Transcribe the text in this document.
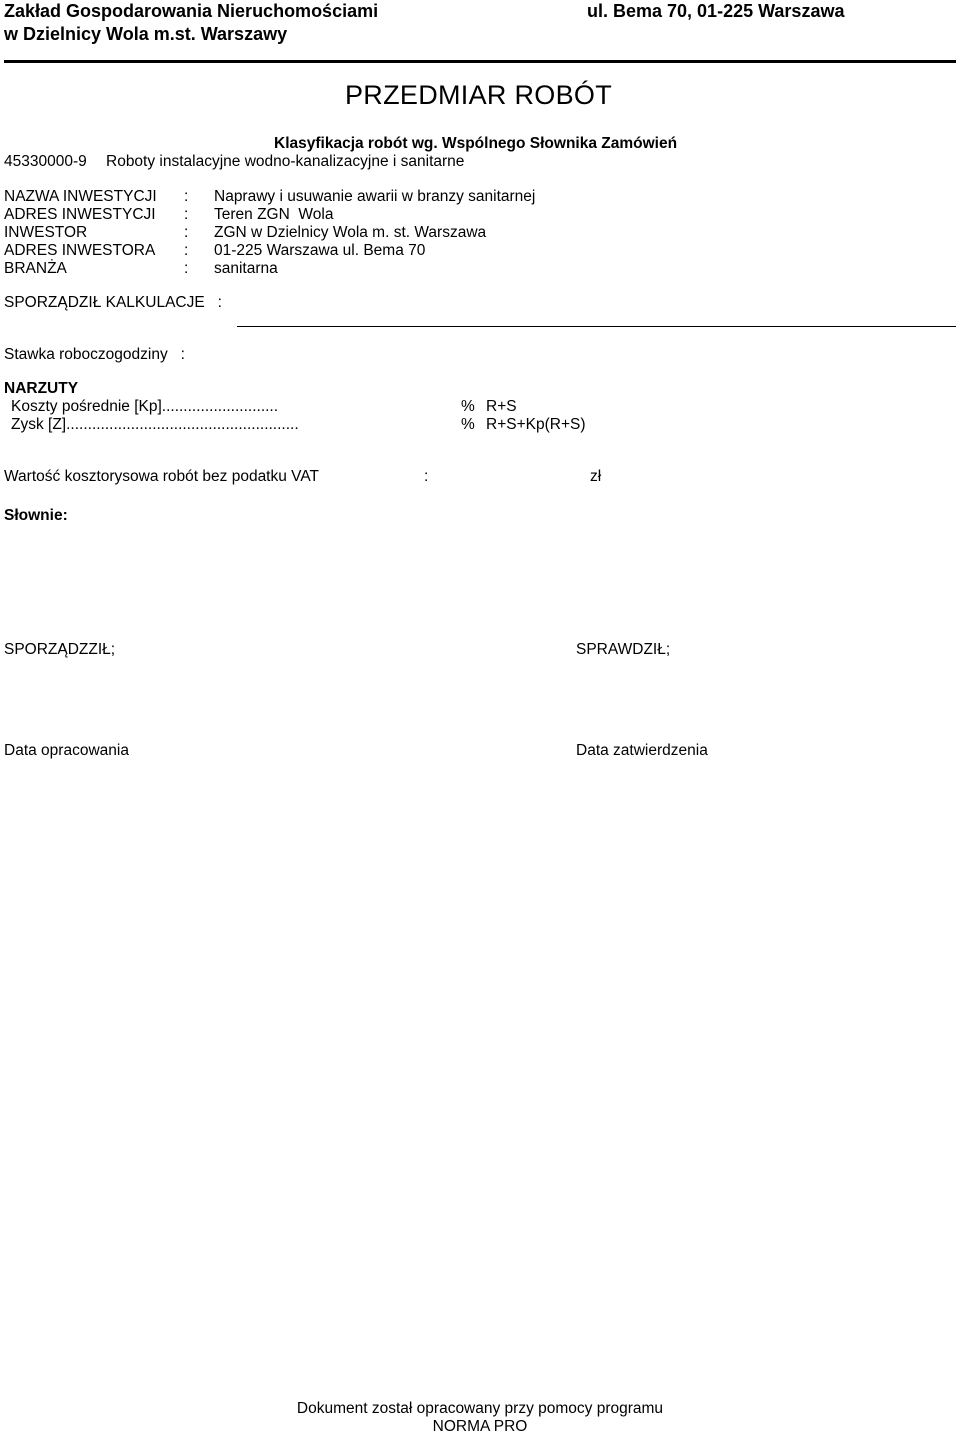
Zakład Gospodarowania Nieruchomościami
w Dzielnicy Wola m.st. Warszawy
ul. Bema 70, 01-225 Warszawa
PRZEDMIAR ROBÓT
Klasyfikacja robót wg. Wspólnego Słownika Zamówień
45330000-9 Roboty instalacyjne wodno-kanalizacyjne i sanitarne
NAZWA INWESTYCJI : Naprawy i usuwanie awarii w branzy sanitarnej
ADRES INWESTYCJI : Teren ZGN  Wola
INWESTOR	: ZGN w Dzielnicy Wola m. st. Warszawa
ADRES INWESTORA : 01-225 Warszawa ul. Bema 70
BRANŻA	: sanitarna
SPORZĄDZIŁ KALKULACJE   :
Stawka roboczogodziny   :
NARZUTY
Koszty pośrednie [Kp]...........................	% R+S
Zysk [Z]......................................................	% R+S+Kp(R+S)
Wartość kosztorysowa robót bez podatku VAT	:	zł
Słownie:
SPORZĄDZZIŁ;	SPRAWDZIŁ;
Data opracowania	Data zatwierdzenia
Dokument został opracowany przy pomocy programu
NORMA PRO
